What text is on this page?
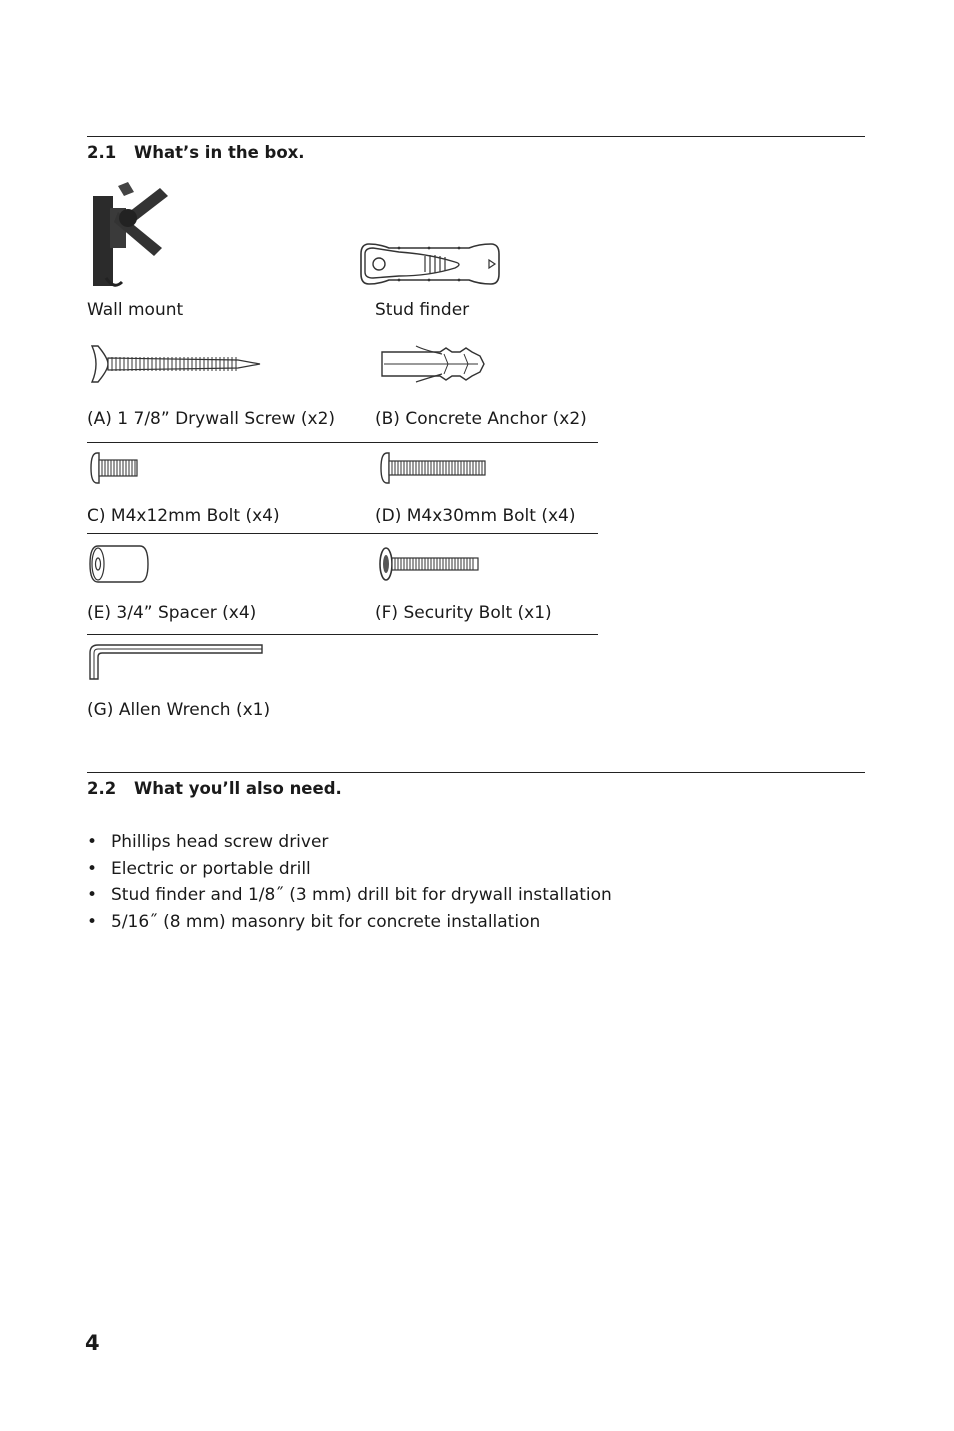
2.1 What’s in the box.
Wall mount	Stud finder
(A) 1 7/8” Drywall Screw (x2) (B) Concrete Anchor (x2)
C) M4x12mm Bolt (x4)	(D) M4x30mm Bolt (x4)
(E) 3/4” Spacer (x4)	(F) Security Bolt (x1)
(G) Allen Wrench (x1)
2.2 What you’ll also need.
• Phillips head screw driver
• Electric or portable drill
• Stud finder and 1/8˝ (3 mm) drill bit for drywall installation
• 5/16˝ (8 mm) masonry bit for concrete installation
4
